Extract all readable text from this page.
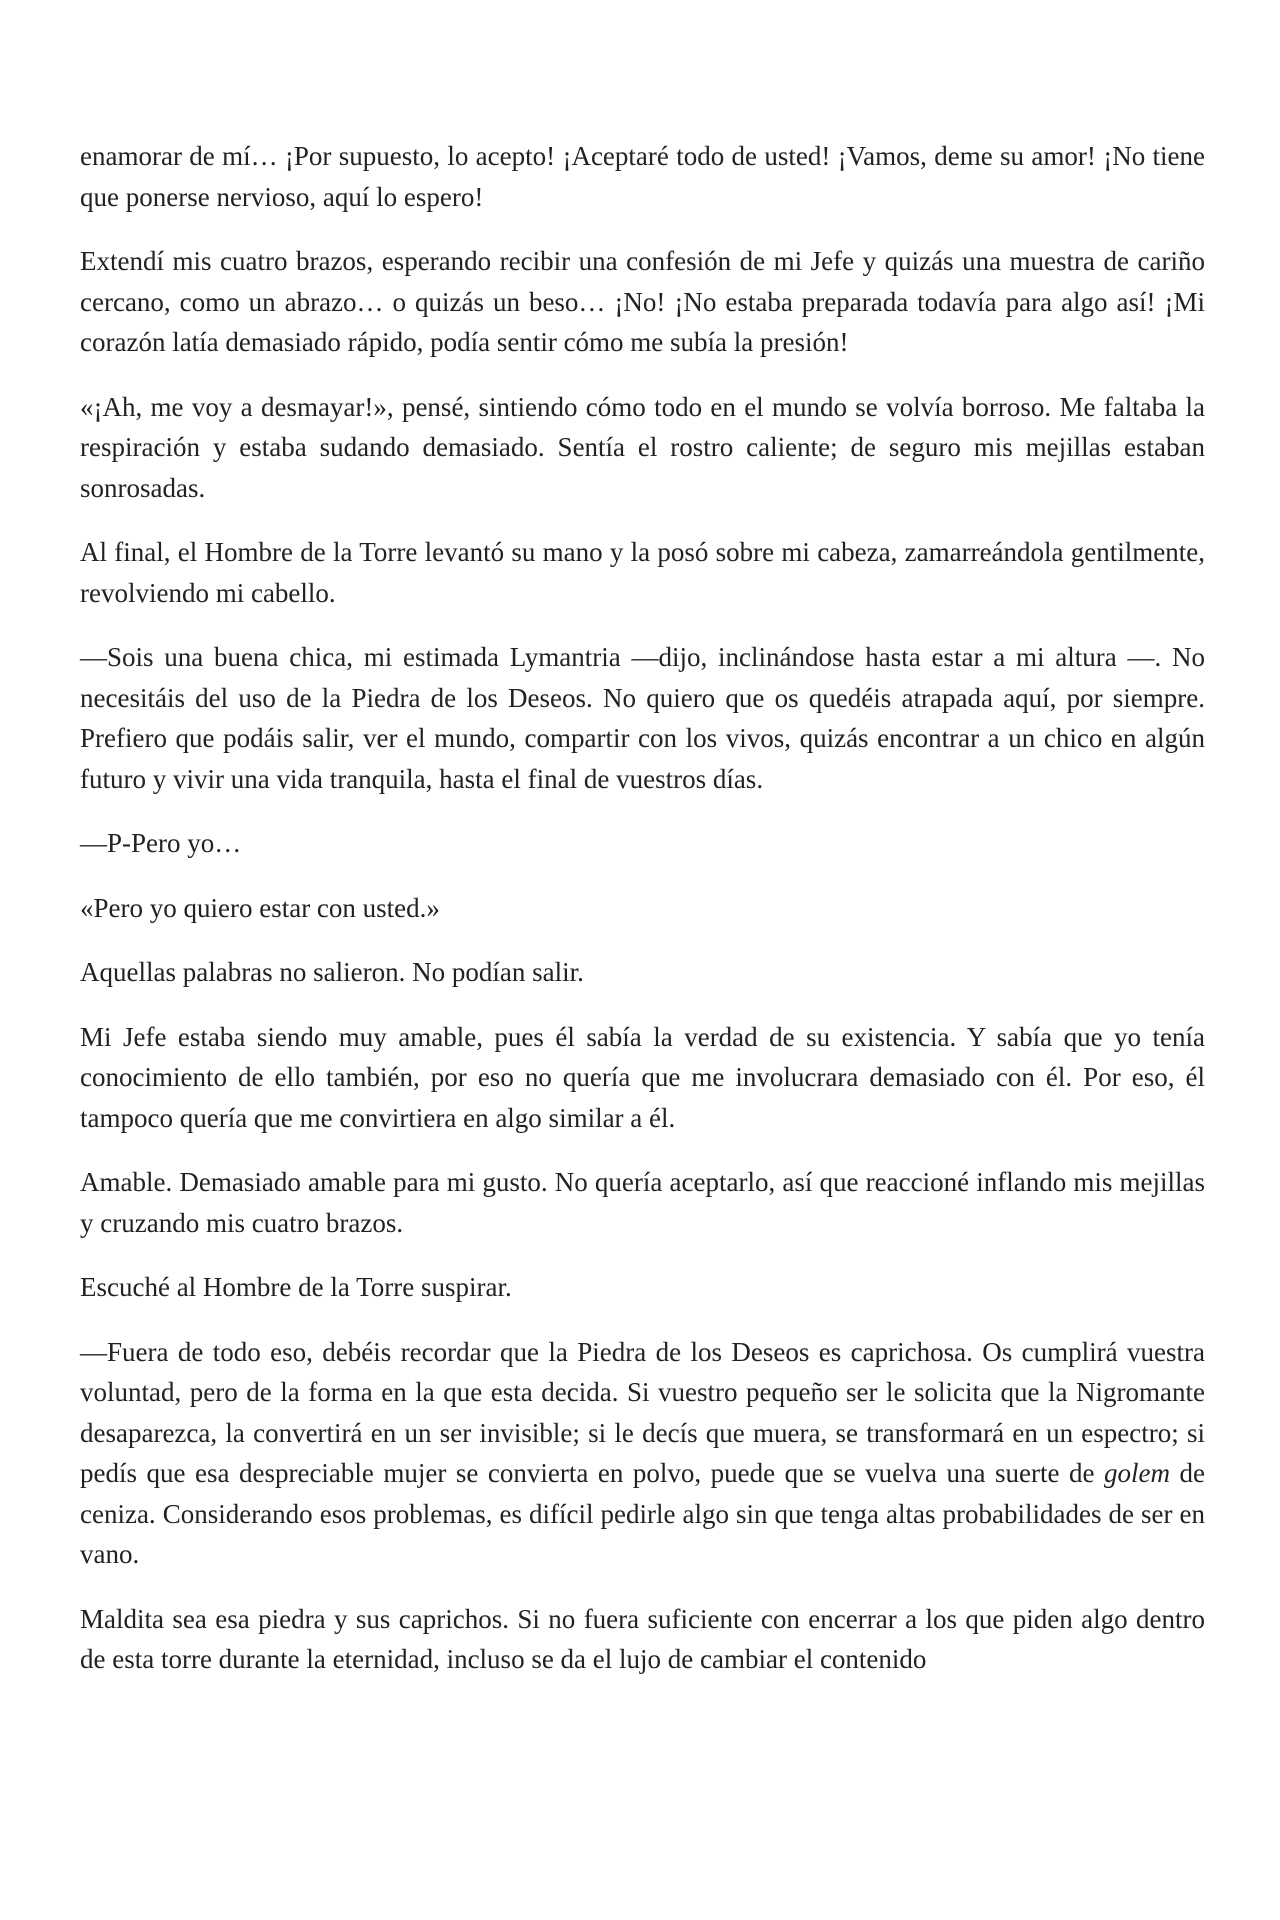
enamorar de mí… ¡Por supuesto, lo acepto! ¡Aceptaré todo de usted! ¡Vamos, deme su amor! ¡No tiene que ponerse nervioso, aquí lo espero!

Extendí mis cuatro brazos, esperando recibir una confesión de mi Jefe y quizás una muestra de cariño cercano, como un abrazo… o quizás un beso… ¡No! ¡No estaba preparada todavía para algo así! ¡Mi corazón latía demasiado rápido, podía sentir cómo me subía la presión!

«¡Ah, me voy a desmayar!», pensé, sintiendo cómo todo en el mundo se volvía borroso. Me faltaba la respiración y estaba sudando demasiado. Sentía el rostro caliente; de seguro mis mejillas estaban sonrosadas.

Al final, el Hombre de la Torre levantó su mano y la posó sobre mi cabeza, zamarreándola gentilmente, revolviendo mi cabello.

—Sois una buena chica, mi estimada Lymantria —dijo, inclinándose hasta estar a mi altura —. No necesitáis del uso de la Piedra de los Deseos. No quiero que os quedéis atrapada aquí, por siempre. Prefiero que podáis salir, ver el mundo, compartir con los vivos, quizás encontrar a un chico en algún futuro y vivir una vida tranquila, hasta el final de vuestros días.

—P-Pero yo…

«Pero yo quiero estar con usted.»

Aquellas palabras no salieron. No podían salir.

Mi Jefe estaba siendo muy amable, pues él sabía la verdad de su existencia. Y sabía que yo tenía conocimiento de ello también, por eso no quería que me involucrara demasiado con él. Por eso, él tampoco quería que me convirtiera en algo similar a él.

Amable. Demasiado amable para mi gusto. No quería aceptarlo, así que reaccioné inflando mis mejillas y cruzando mis cuatro brazos.

Escuché al Hombre de la Torre suspirar.

—Fuera de todo eso, debéis recordar que la Piedra de los Deseos es caprichosa. Os cumplirá vuestra voluntad, pero de la forma en la que esta decida. Si vuestro pequeño ser le solicita que la Nigromante desaparezca, la convertirá en un ser invisible; si le decís que muera, se transformará en un espectro; si pedís que esa despreciable mujer se convierta en polvo, puede que se vuelva una suerte de golem de ceniza. Considerando esos problemas, es difícil pedirle algo sin que tenga altas probabilidades de ser en vano.

Maldita sea esa piedra y sus caprichos. Si no fuera suficiente con encerrar a los que piden algo dentro de esta torre durante la eternidad, incluso se da el lujo de cambiar el contenido
